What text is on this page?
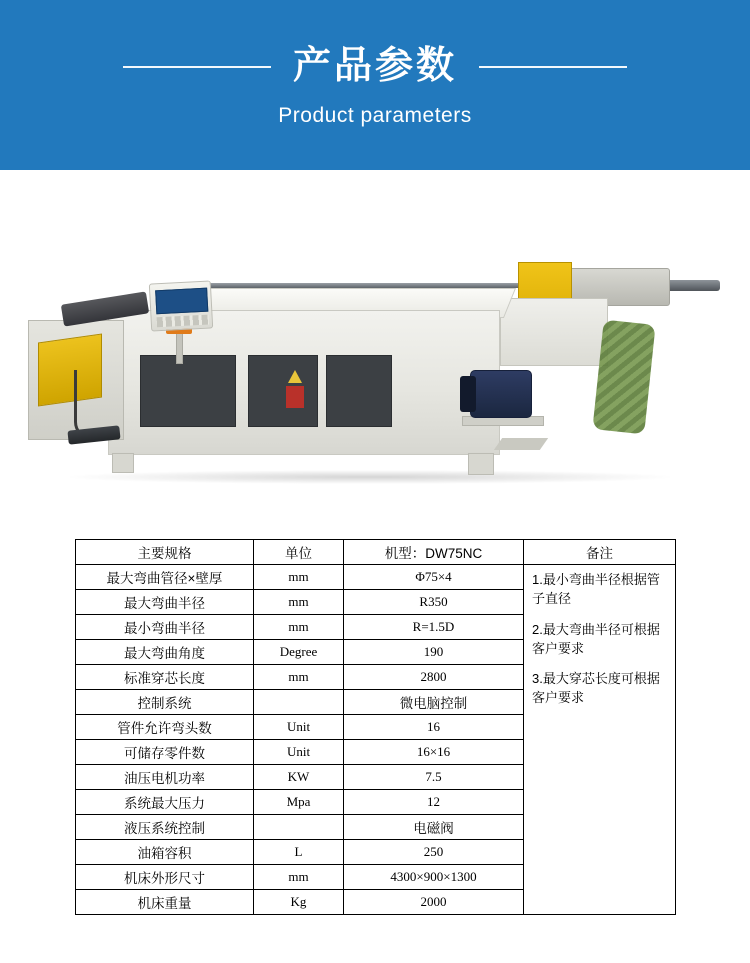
产品参数
Product parameters
主要规格	单位	机型：DW75NC	备注
最大弯曲管径×壁厚	mm	Φ75×4	1.最小弯曲半径根据管子直径

2.最大弯曲半径可根据客户要求

3.最大穿芯长度可根据客户要求

最大弯曲半径	mm	R350	
最小弯曲半径	mm	R=1.5D	
最大弯曲角度	Degree	190	
标准穿芯长度	mm	2800	
控制系统		微电脑控制	
管件允许弯头数	Unit	16	
可储存零件数	Unit	16×16	
油压电机功率	KW	7.5	
系统最大压力	Mpa	12	
液压系统控制		电磁阀	
油箱容积	L	250	
机床外形尺寸	mm	4300×900×1300	
机床重量	Kg	2000	
